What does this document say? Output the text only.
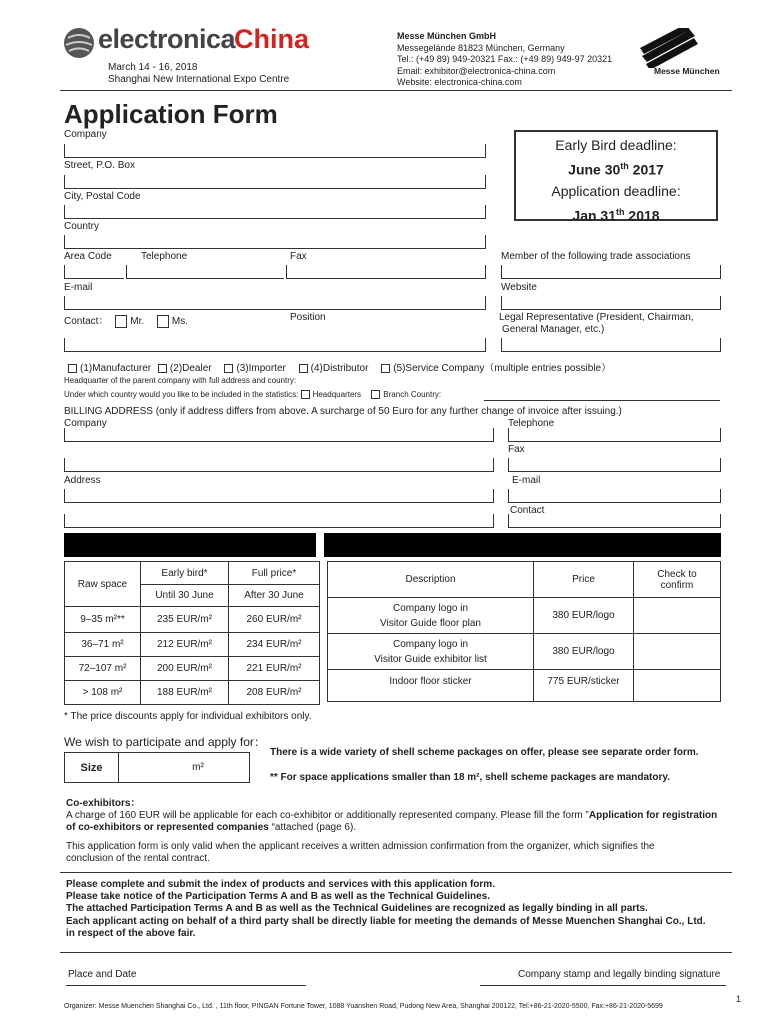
electronica
China
March 14 - 16, 2018
Shanghai New International Expo Centre
Messe München GmbH
Messegelände 81823 München, Germany
Tel.: (+49 89) 949-20321 Fax.: (+49 89) 949-97 20321
Email: exhibitor@electronica-china.com
Website: electronica-china.com
Messe München
Application Form
Early Bird deadline:
June 30th 2017
Application deadline:
Jan 31th 2018
Company
Street, P.O. Box
City, Postal Code
Country
Area Code	Telephone	Fax	Member of the following trade associations
E-mail	Website
Contact： Mr.	Ms.	Position	Legal Representative (President, Chairman,
General Manager, etc.)
(1)Manufacturer (2)Dealer (3)Importer (4)Distributor (5)Service Company（multiple entries possible）
Headquarter of the parent company with full address and country:
Under which country would you like to be included in the statistics: Headquarters	Branch Country:
BILLING ADDRESS (only if address differs from above. A surcharge of 50 Euro for any further change of invoice after issuing.)
Company	Telephone
Fax
Address	E-mail
Contact
Raw space	Early bird*	Full price*
	Until 30 June	After 30 June
9–35 m²**	235 EUR/m²	260 EUR/m²
36–71 m²	212 EUR/m²	234 EUR/m²
72–107 m²	200 EUR/m²	221 EUR/m²
> 108 m²	188 EUR/m²	208 EUR/m²
Description	Price	Check to confirm

Company logo in
Visitor Guide floor plan	380 EUR/logo	

Company logo in
Visitor Guide exhibitor list	380 EUR/logo	
Indoor floor sticker	775 EUR/sticker	
* The price discounts apply for individual exhibitors only.
We wish to participate and apply for：
Size	m²
There is a wide variety of shell scheme packages on offer, please see separate order form.
** For space applications smaller than 18 m², shell scheme packages are mandatory.
Co-exhibitors：
A charge of 160 EUR will be applicable for each co-exhibitor or additionally represented company. Please fill the form ”Application for registration
of co-exhibitors or represented companies “attached (page 6).
This application form is only valid when the applicant receives a written admission confirmation from the organizer, which signifies the conclusion of the rental contract.
Please complete and submit the index of products and services with this application form.
Please take notice of the Participation Terms A and B as well as the Technical Guidelines.
The attached Participation Terms A and B as well as the Technical Guidelines are recognized as legally binding in all parts.
Each applicant acting on behalf of a third party shall be directly liable for meeting the demands of Messe Muenchen Shanghai Co., Ltd.
in respect of the above fair.
Place and Date	Company stamp and legally binding signature
1
Organizer: Messe Muenchen Shanghai Co., Ltd. , 11th floor, PINGAN Fortune Tower, 1088 Yuanshen Road, Pudong New Area, Shanghai 200122, Tel:+86-21-2020-5500, Fax:+86-21-2020-5699
